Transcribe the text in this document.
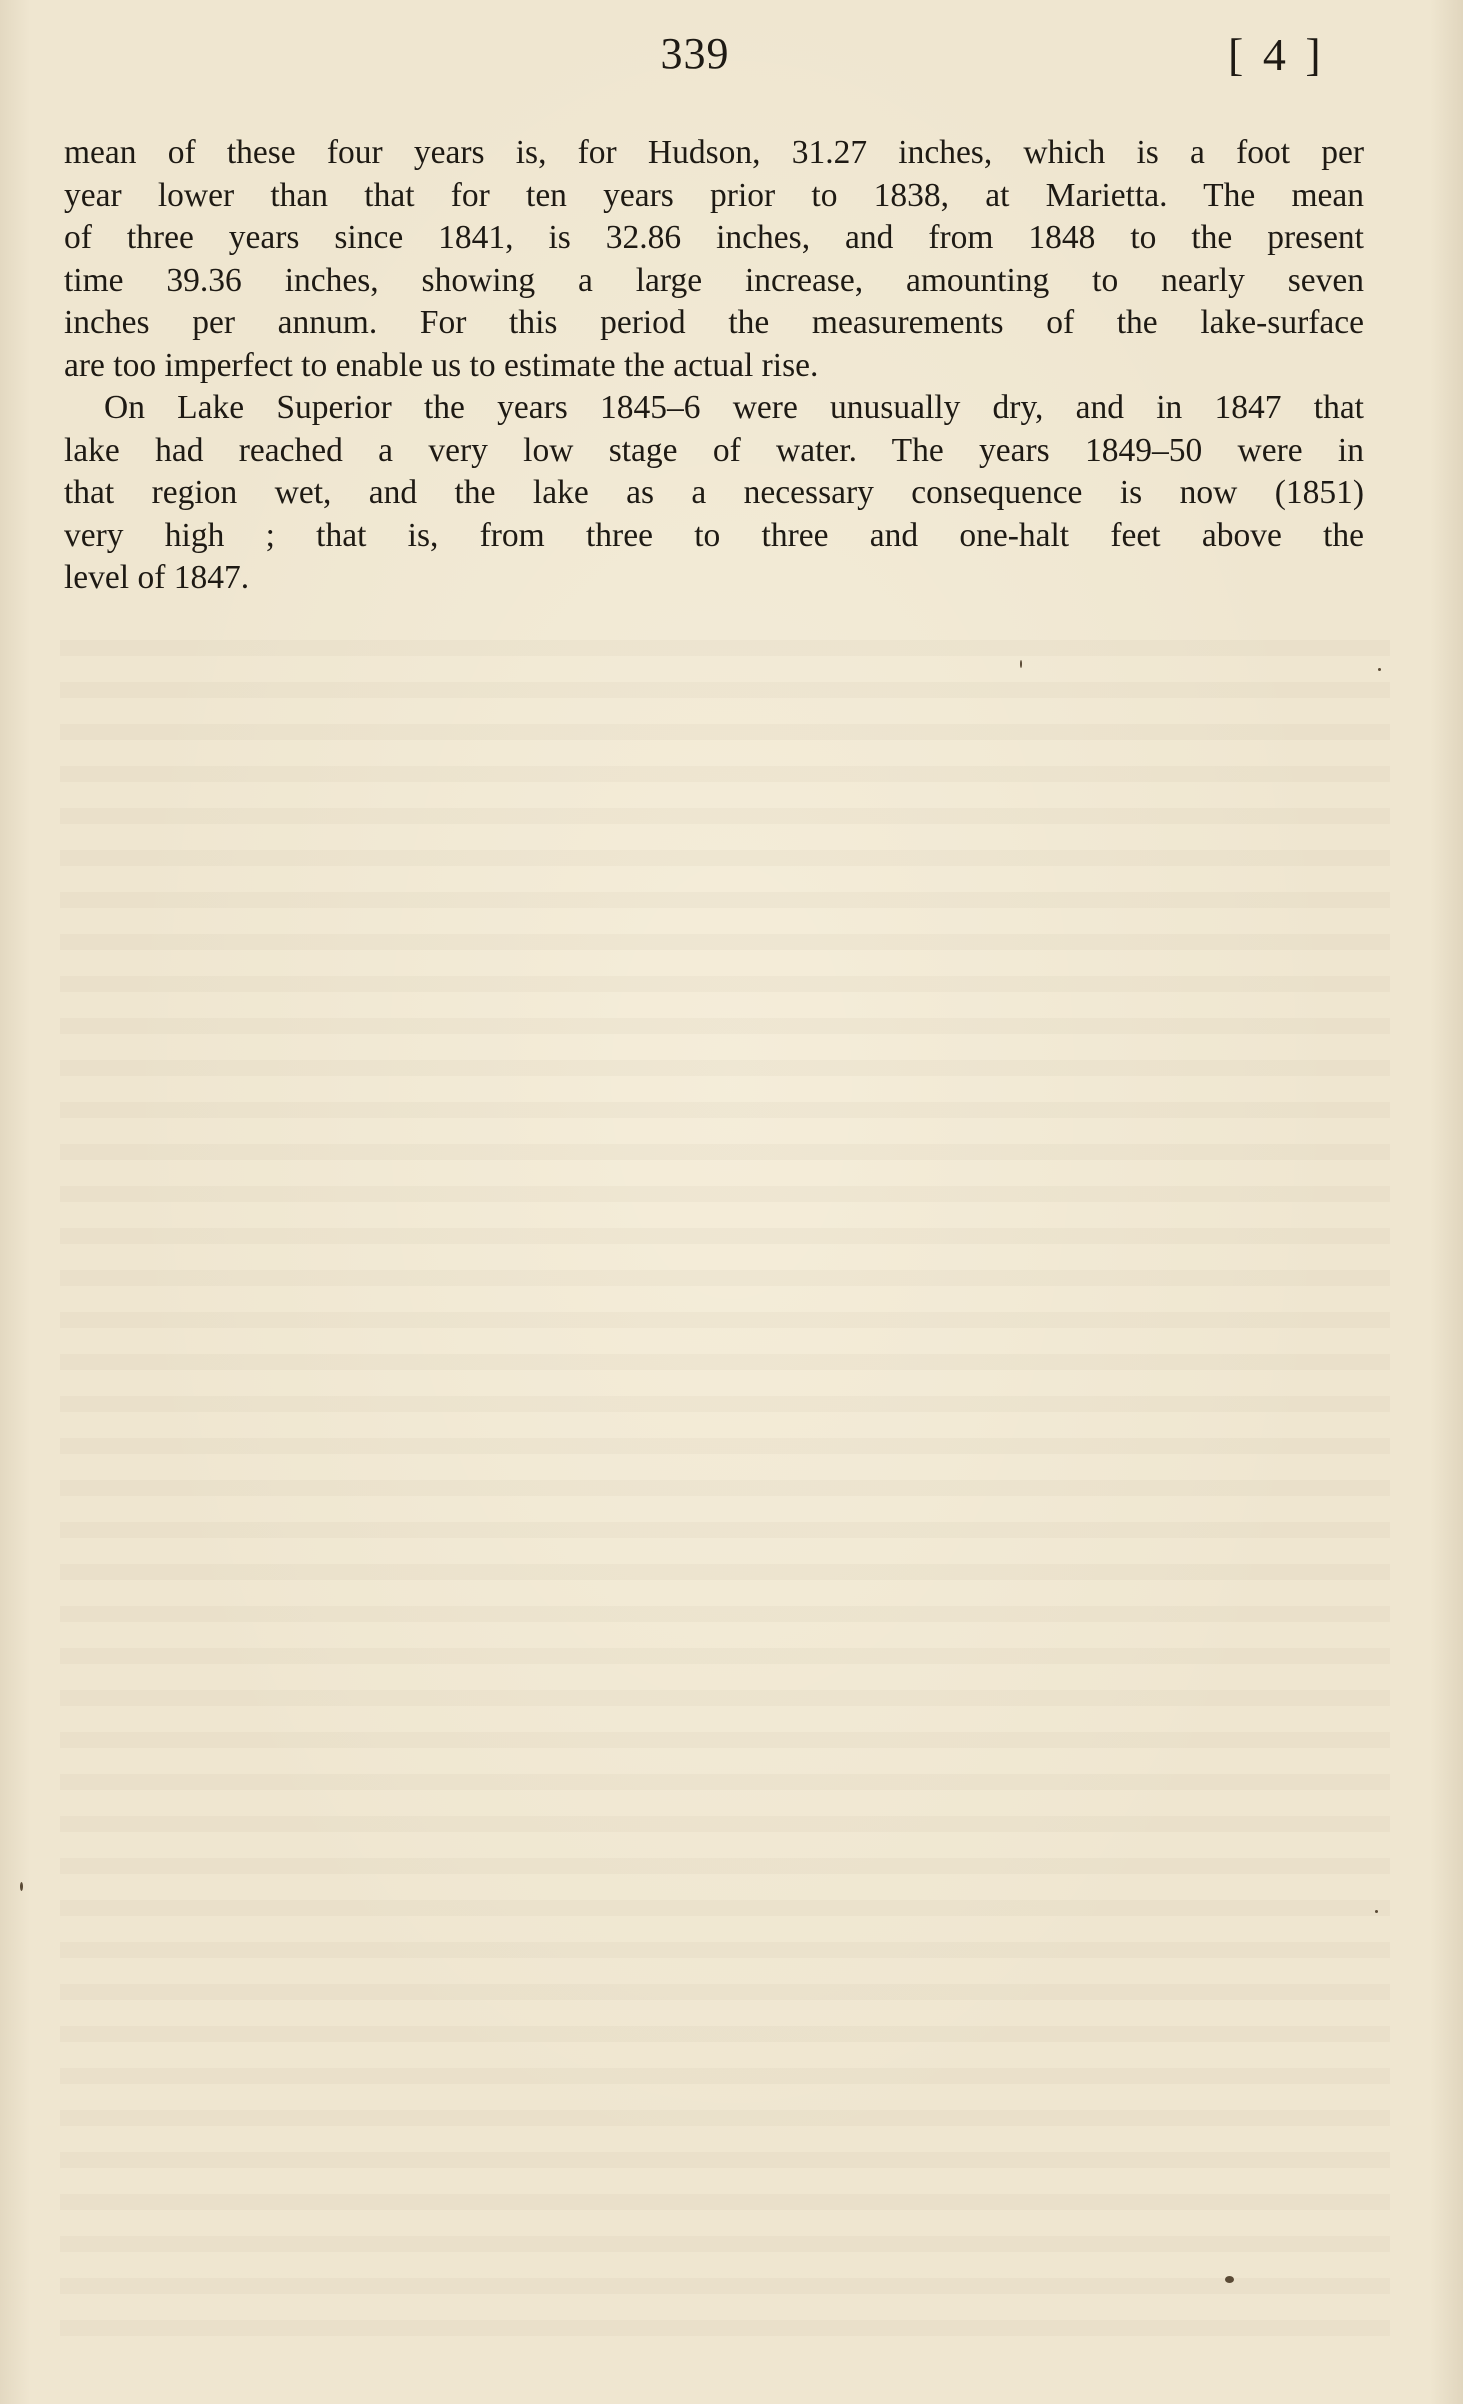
339	[ 4 ]
mean of these four years is, for Hudson, 31.27 inches, which is a foot per
year lower than that for ten years prior to 1838, at Marietta. The mean
of three years since 1841, is 32.86 inches, and from 1848 to the present
time 39.36 inches, showing a large increase, amounting to nearly seven
inches per annum. For this period the measurements of the lake-surface
are too imperfect to enable us to estimate the actual rise.
On Lake Superior the years 1845–6 were unusually dry, and in 1847 that
lake had reached a very low stage of water. The years 1849–50 were in
that region wet, and the lake as a necessary consequence is now (1851)
very high ; that is, from three to three and one-halt feet above the
level of 1847.
